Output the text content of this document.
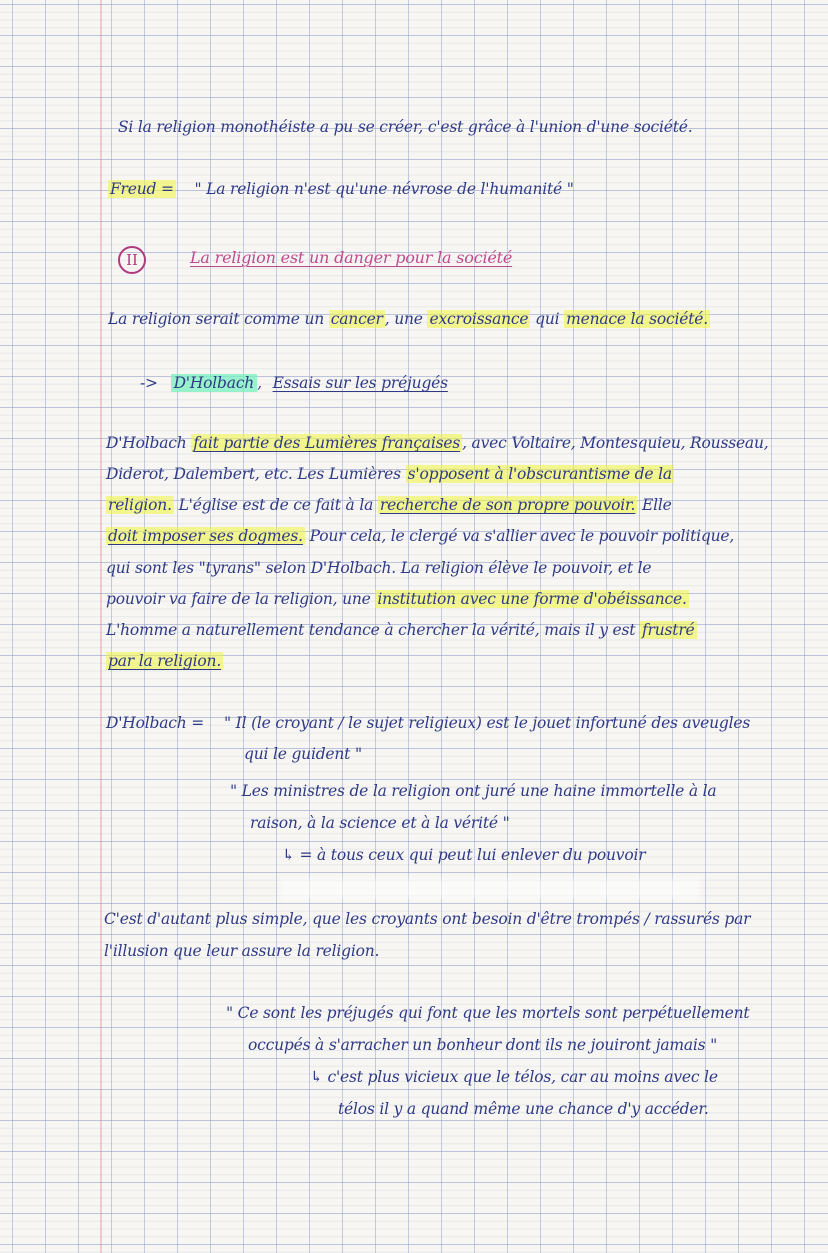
Si la religion monothéiste a pu se créer, c'est grâce à l'union d'une société.
Freud = " La religion n'est qu'une névrose de l'humanité "
II	La religion est un danger pour la société
La religion serait comme un cancer , une excroissance qui menace la société.
-> D'Holbach , Essais sur les préjugés
D'Holbach fait partie des Lumières françaises , avec Voltaire, Montesquieu, Rousseau,
Diderot, Dalembert, etc. Les Lumières s'opposent à l'obscurantisme de la
religion. L'église est de ce fait à la recherche de son propre pouvoir. Elle
doit imposer ses dogmes. Pour cela, le clergé va s'allier avec le pouvoir politique,
qui sont les "tyrans" selon D'Holbach. La religion élève le pouvoir, et le
pouvoir va faire de la religion, une institution avec une forme d'obéissance.
L'homme a naturellement tendance à chercher la vérité, mais il y est frustré
par la religion.
D'Holbach = " Il (le croyant / le sujet religieux) est le jouet infortuné des aveugles
qui le guident "
" Les ministres de la religion ont juré une haine immortelle à la
raison, à la science et à la vérité "
↳ = à tous ceux qui peut lui enlever du pouvoir
C'est d'autant plus simple, que les croyants ont besoin d'être trompés / rassurés par
l'illusion que leur assure la religion.
" Ce sont les préjugés qui font que les mortels sont perpétuellement
occupés à s'arracher un bonheur dont ils ne jouiront jamais "
↳ c'est plus vicieux que le télos, car au moins avec le
télos il y a quand même une chance d'y accéder.
